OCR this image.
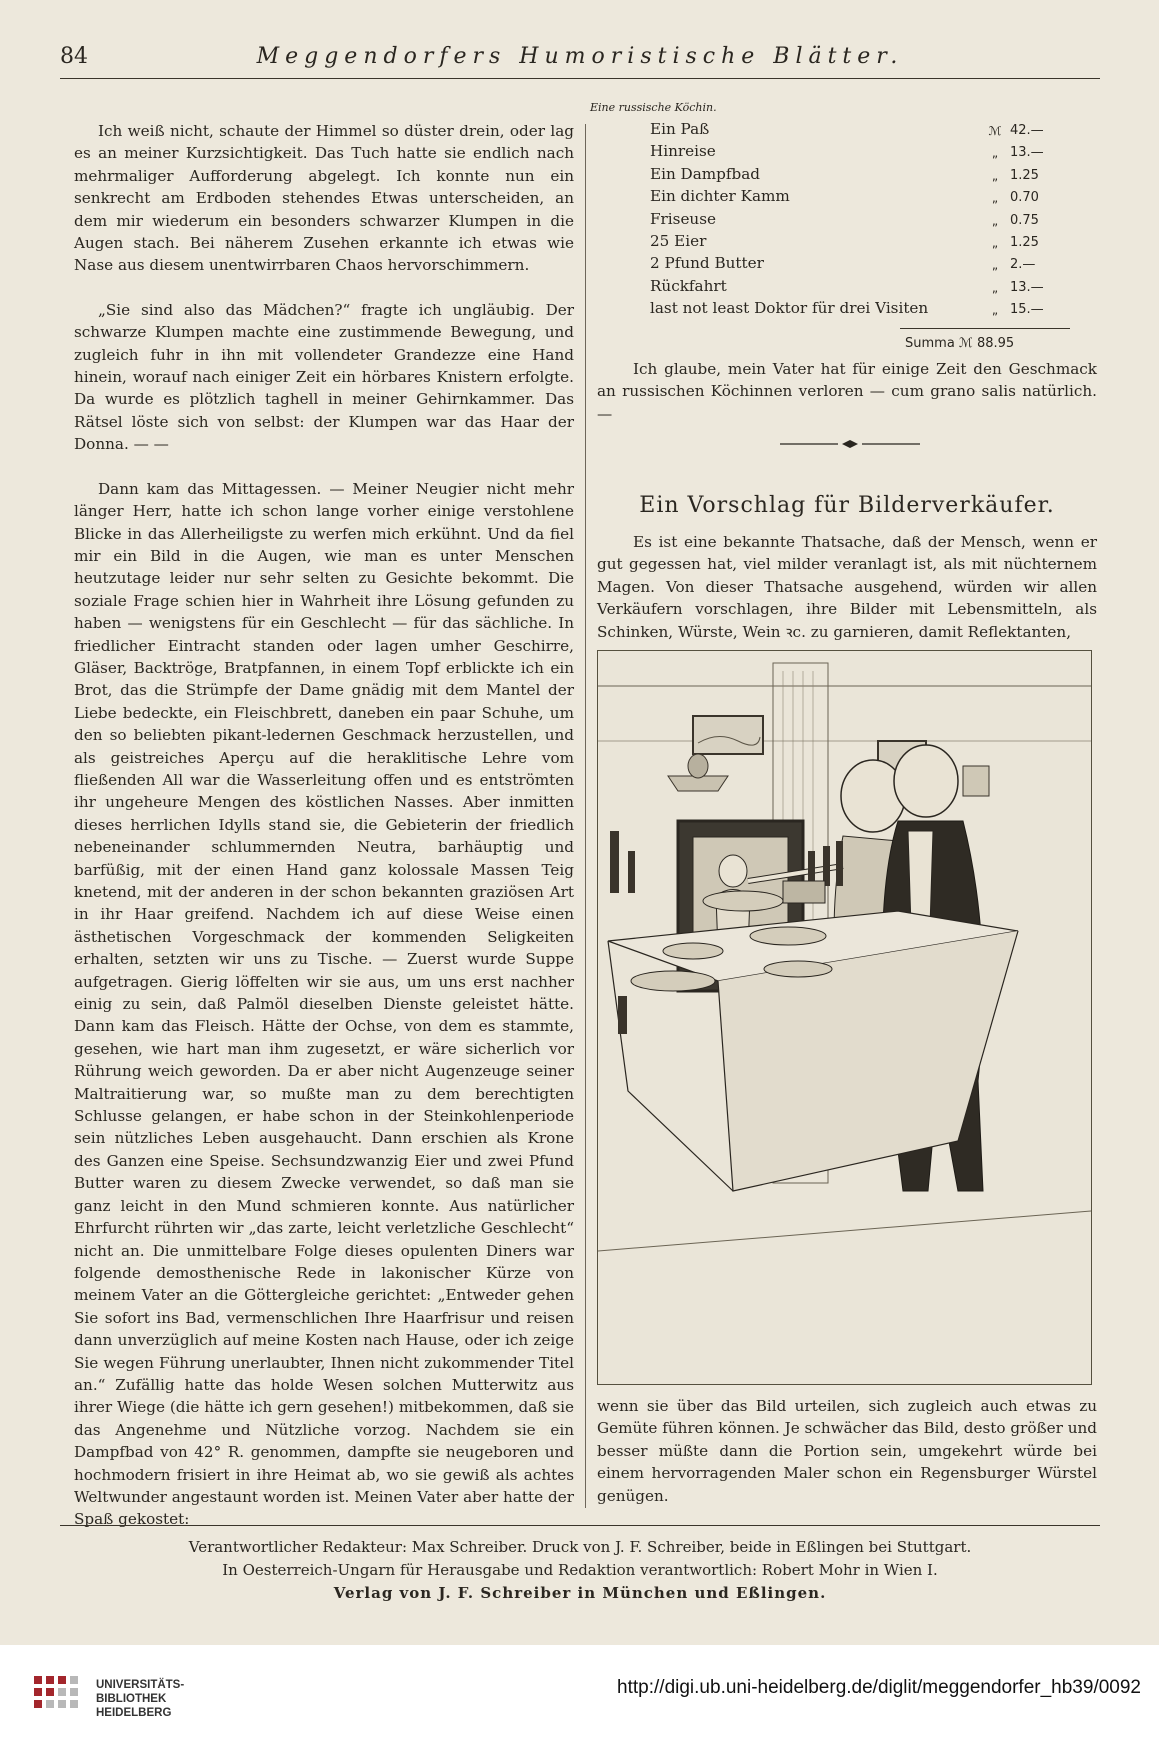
84	Meggendorfers Humoristische Blätter.
Eine russische Köchin.

Ich weiß nicht, schaute der Himmel so düster drein, oder lag es an meiner Kurzsichtigkeit. Das Tuch hatte sie endlich nach mehrmaliger Aufforderung abgelegt. Ich konnte nun ein senkrecht am Erdboden stehendes Etwas unterscheiden, an dem mir wiederum ein besonders schwarzer Klumpen in die Augen stach. Bei näherem Zusehen erkannte ich etwas wie Nase aus diesem unentwirrbaren Chaos hervorschimmern.

„Sie sind also das Mädchen?“ fragte ich ungläubig. Der schwarze Klumpen machte eine zustimmende Bewegung, und zugleich fuhr in ihn mit vollendeter Grandezze eine Hand hinein, worauf nach einiger Zeit ein hörbares Knistern erfolgte. Da wurde es plötzlich taghell in meiner Gehirnkammer. Das Rätsel löste sich von selbst: der Klumpen war das Haar der Donna. — —

Dann kam das Mittagessen. — Meiner Neugier nicht mehr länger Herr, hatte ich schon lange vorher einige verstohlene Blicke in das Allerheiligste zu werfen mich erkühnt. Und da fiel mir ein Bild in die Augen, wie man es unter Menschen heutzutage leider nur sehr selten zu Gesichte bekommt. Die soziale Frage schien hier in Wahrheit ihre Lösung gefunden zu haben — wenigstens für ein Geschlecht — für das sächliche. In friedlicher Eintracht standen oder lagen umher Geschirre, Gläser, Backtröge, Bratpfannen, in einem Topf erblickte ich ein Brot, das die Strümpfe der Dame gnädig mit dem Mantel der Liebe bedeckte, ein Fleischbrett, daneben ein paar Schuhe, um den so beliebten pikant-ledernen Geschmack herzustellen, und als geistreiches Aperçu auf die heraklitische Lehre vom fließenden All war die Wasserleitung offen und es entströmten ihr ungeheure Mengen des köstlichen Nasses. Aber inmitten dieses herrlichen Idylls stand sie, die Gebieterin der friedlich nebeneinander schlummernden Neutra, barhäuptig und barfüßig, mit der einen Hand ganz kolossale Massen Teig knetend, mit der anderen in der schon bekannten graziösen Art in ihr Haar greifend. Nachdem ich auf diese Weise einen ästhetischen Vorgeschmack der kommenden Seligkeiten erhalten, setzten wir uns zu Tische. — Zuerst wurde Suppe aufgetragen. Gierig löffelten wir sie aus, um uns erst nachher einig zu sein, daß Palmöl dieselben Dienste geleistet hätte. Dann kam das Fleisch. Hätte der Ochse, von dem es stammte, gesehen, wie hart man ihm zugesetzt, er wäre sicherlich vor Rührung weich geworden. Da er aber nicht Augenzeuge seiner Maltraitierung war, so mußte man zu dem berechtigten Schlusse gelangen, er habe schon in der Steinkohlenperiode sein nützliches Leben ausgehaucht. Dann erschien als Krone des Ganzen eine Speise. Sechsundzwanzig Eier und zwei Pfund Butter waren zu diesem Zwecke verwendet, so daß man sie ganz leicht in den Mund schmieren konnte. Aus natürlicher Ehrfurcht rührten wir „das zarte, leicht verletzliche Geschlecht“ nicht an. Die unmittelbare Folge dieses opulenten Diners war folgende demosthenische Rede in lakonischer Kürze von meinem Vater an die Göttergleiche gerichtet: „Entweder gehen Sie sofort ins Bad, vermenschlichen Ihre Haarfrisur und reisen dann unverzüglich auf meine Kosten nach Hause, oder ich zeige Sie wegen Führung unerlaubter, Ihnen nicht zukommender Titel an.“ Zufällig hatte das holde Wesen solchen Mutterwitz aus ihrer Wiege (die hätte ich gern gesehen!) mitbekommen, daß sie das Angenehme und Nützliche vorzog. Nachdem sie ein Dampfbad von 42° R. genommen, dampfte sie neugeboren und hochmodern frisiert in ihre Heimat ab, wo sie gewiß als achtes Weltwunder angestaunt worden ist. Meinen Vater aber hatte der Spaß gekostet:

Ein Paß	ℳ 42.—
Hinreise	„ 13.—
Ein Dampfbad	„ 1.25
Ein dichter Kamm	„ 0.70
Friseuse	„ 0.75
25 Eier	„ 1.25
2 Pfund Butter	„ 2.—
Rückfahrt	„ 13.—
last not least Doktor für drei Visiten	„ 15.—
Summa ℳ 88.95

Ich glaube, mein Vater hat für einige Zeit den Geschmack an russischen Köchinnen verloren — cum grano salis natürlich. —

Ein Vorschlag für Bilderverkäufer.

Es ist eine bekannte Thatsache, daß der Mensch, wenn er gut gegessen hat, viel milder veranlagt ist, als mit nüchternem Magen. Von dieser Thatsache ausgehend, würden wir allen Verkäufern vorschlagen, ihre Bilder mit Lebensmitteln, als Schinken, Würste, Wein ꝛc. zu garnieren, damit Reflektanten,

wenn sie über das Bild urteilen, sich zugleich auch etwas zu Gemüte führen können. Je schwächer das Bild, desto größer und besser müßte dann die Portion sein, umgekehrt würde bei einem hervorragenden Maler schon ein Regensburger Würstel genügen.

Verantwortlicher Redakteur: Max Schreiber. Druck von J. F. Schreiber, beide in Eßlingen bei Stuttgart.
In Oesterreich-Ungarn für Herausgabe und Redaktion verantwortlich: Robert Mohr in Wien I.
Verlag von J. F. Schreiber in München und Eßlingen.
UNIVERSITÄTS-
BIBLIOTHEK
HEIDELBERG
http://digi.ub.uni-heidelberg.de/diglit/meggendorfer_hb39/0092
